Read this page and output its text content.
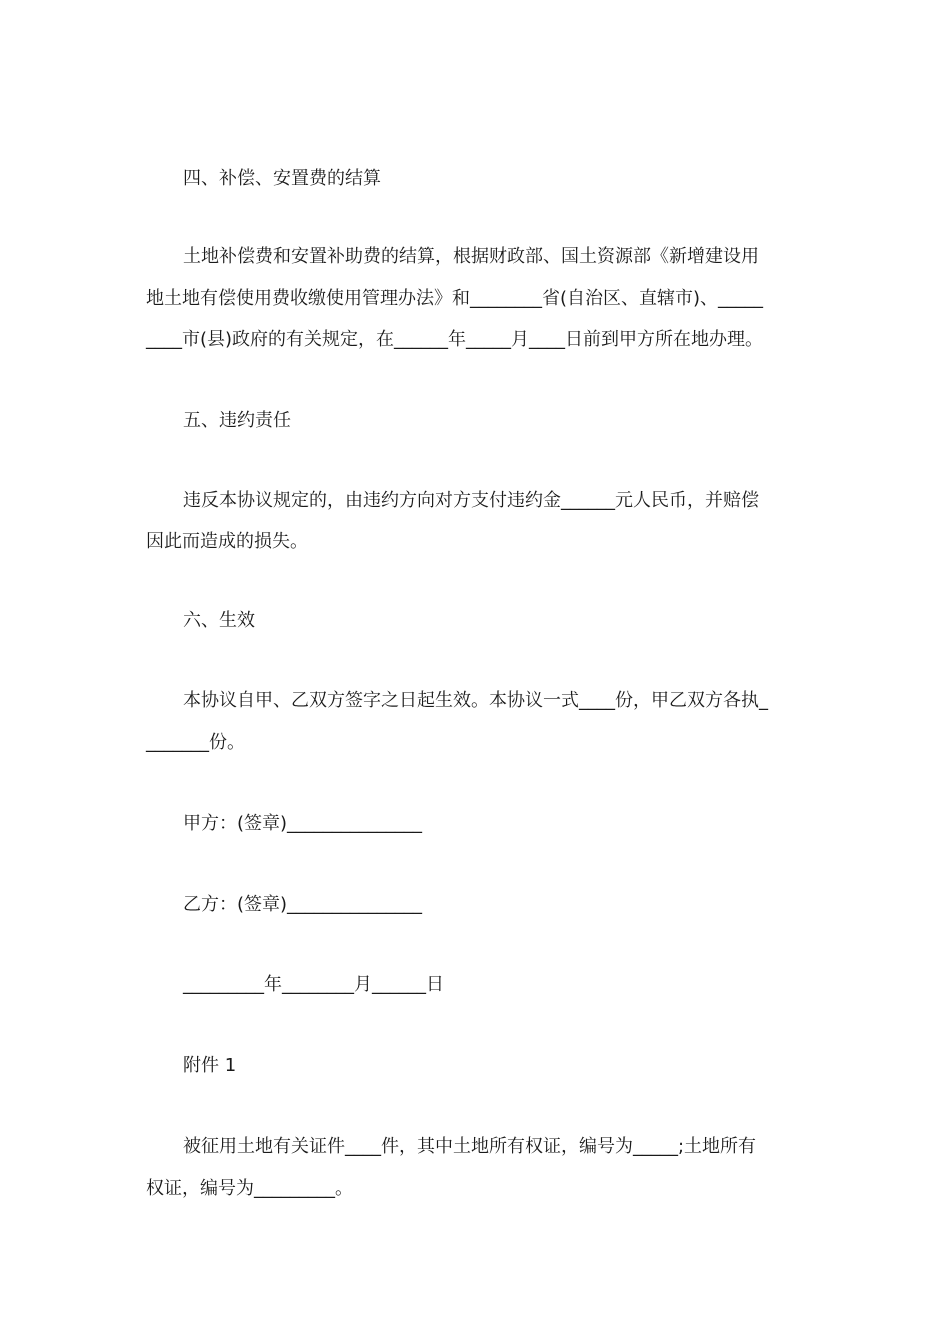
四、补偿、安置费的结算
土地补偿费和安置补助费的结算，根据财政部、国土资源部《新增建设用
地土地有偿使用费收缴使用管理办法》和________省(自治区、直辖市)、_____
____市(县)政府的有关规定，在______年_____月____日前到甲方所在地办理。
五、违约责任
违反本协议规定的，由违约方向对方支付违约金______元人民币，并赔偿
因此而造成的损失。
六、生效
本协议自甲、乙双方签字之日起生效。本协议一式____份，甲乙双方各执_
_______份。
甲方：(签章)_______________
乙方：(签章)_______________
_________年________月______日
附件 1
被征用土地有关证件____件，其中土地所有权证，编号为_____;土地所有
权证，编号为_________。
